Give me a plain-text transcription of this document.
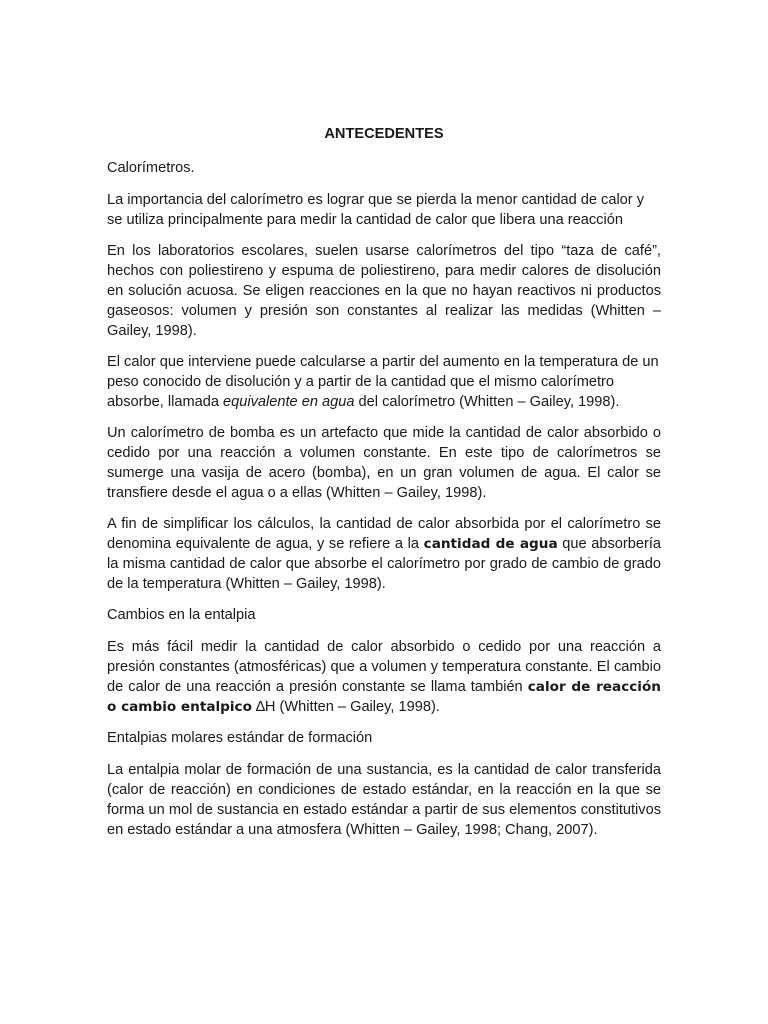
ANTECEDENTES
Calorímetros.

La importancia del calorímetro es lograr que se pierda la menor cantidad de calor y se utiliza principalmente para medir la cantidad de calor que libera una reacción

En los laboratorios escolares, suelen usarse calorímetros del tipo “taza de café”, hechos con poliestireno y espuma de poliestireno, para medir calores de disolución en solución acuosa. Se eligen reacciones en la que no hayan reactivos ni productos gaseosos: volumen y presión son constantes al realizar las medidas (Whitten – Gailey, 1998).

El calor que interviene puede calcularse a partir del aumento en la temperatura de un peso conocido de disolución y a partir de la cantidad que el mismo calorímetro absorbe, llamada equivalente en agua del calorímetro (Whitten – Gailey, 1998).

Un calorímetro de bomba es un artefacto que mide la cantidad de calor absorbido o cedido por una reacción a volumen constante. En este tipo de calorímetros se sumerge una vasija de acero (bomba), en un gran volumen de agua. El calor se transfiere desde el agua o a ellas (Whitten – Gailey, 1998).

A fin de simplificar los cálculos, la cantidad de calor absorbida por el calorímetro se denomina equivalente de agua, y se refiere a la cantidad de agua que absorbería la misma cantidad de calor que absorbe el calorímetro por grado de cambio de grado de la temperatura (Whitten – Gailey, 1998).

Cambios en la entalpia

Es más fácil medir la cantidad de calor absorbido o cedido por una reacción a presión constantes (atmosféricas) que a volumen y temperatura constante. El cambio de calor de una reacción a presión constante se llama también calor de reacción o cambio entalpico ∆H (Whitten – Gailey, 1998).

Entalpias molares estándar de formación

La entalpia molar de formación de una sustancia, es la cantidad de calor transferida (calor de reacción) en condiciones de estado estándar, en la reacción en la que se forma un mol de sustancia en estado estándar a partir de sus elementos constitutivos en estado estándar a una atmosfera (Whitten – Gailey, 1998; Chang, 2007).
